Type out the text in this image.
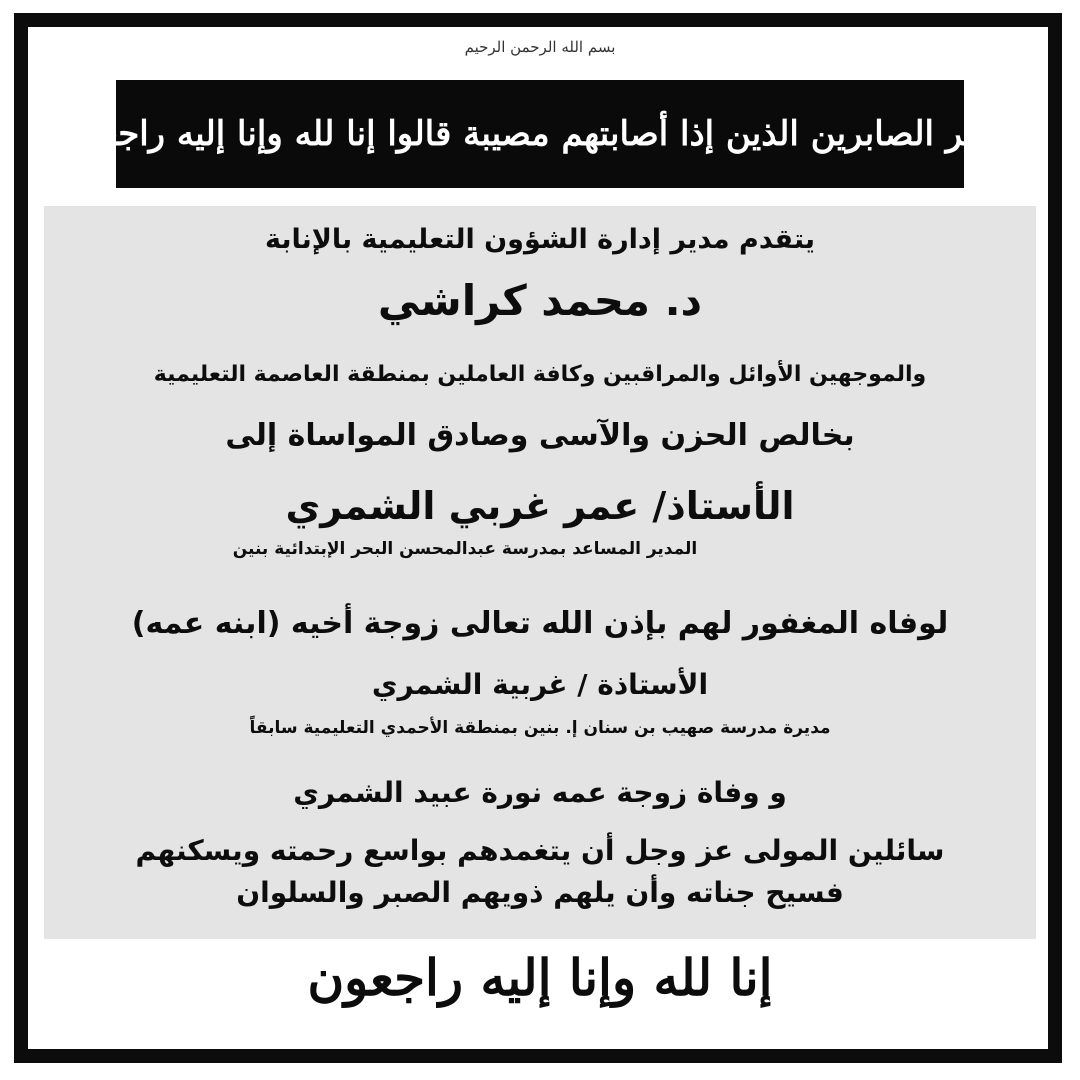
بسم الله الرحمن الرحيم
وبشر الصابرين الذين إذا أصابتهم مصيبة قالوا إنا لله وإنا إليه راجعون
يتقدم مدير إدارة الشؤون التعليمية بالإنابة
د. محمد كراشي
والموجهين الأوائل والمراقبين وكافة العاملين بمنطقة العاصمة التعليمية
بخالص الحزن والآسى وصادق المواساة إلى
الأستاذ/ عمر غربي الشمري
المدير المساعد بمدرسة عبدالمحسن البحر الإبتدائية بنين
لوفاه المغفور لهم بإذن الله تعالى زوجة أخيه (ابنه عمه)
الأستاذة / غربية الشمري
مديرة مدرسة صهيب بن سنان إ. بنين بمنطقة الأحمدي التعليمية سابقاً
و وفاة زوجة عمه نورة عبيد الشمري
سائلين المولى عز وجل أن يتغمدهم بواسع رحمته ويسكنهم
فسيح جناته وأن يلهم ذويهم الصبر والسلوان
إنا لله وإنا إليه راجعون
